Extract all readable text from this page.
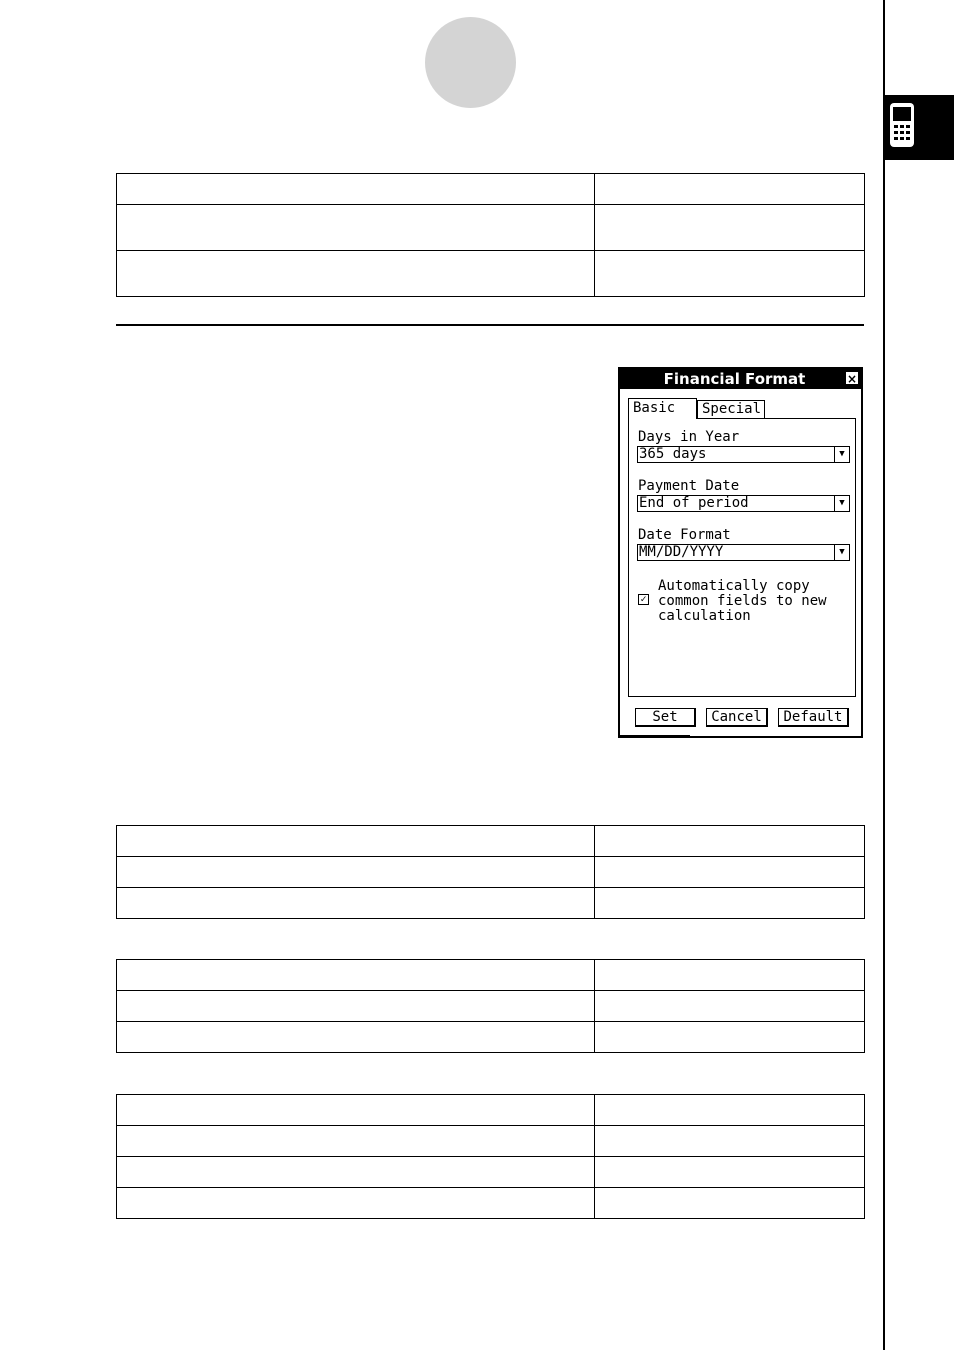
Financial Format	×
Basic	Special
Days in Year
365 days	▼
Payment Date
End of period	▼
Date Format
MM/DD/YYYY	▼
✓
Automatically copy
common fields to new
calculation
Set	Cancel	Default
